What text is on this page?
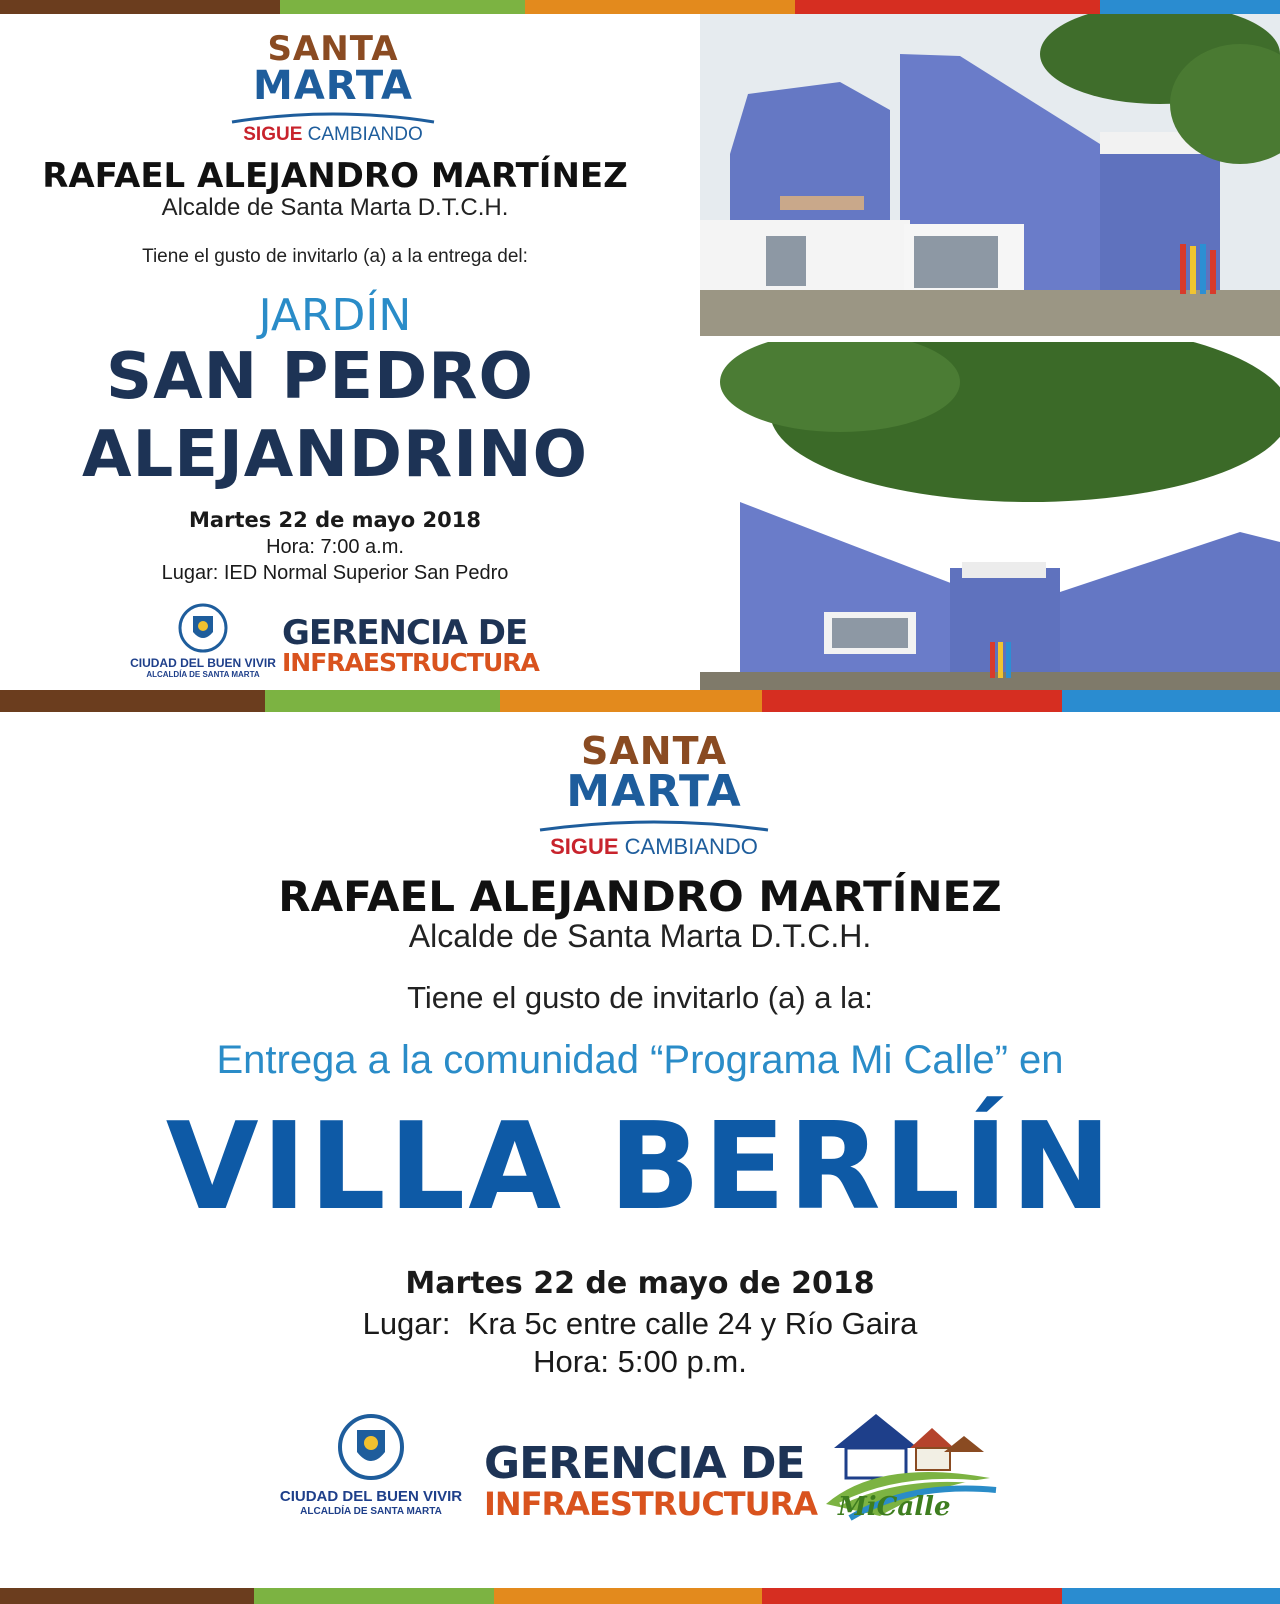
SANTA
MARTA
SIGUE CAMBIANDO
RAFAEL ALEJANDRO MARTÍNEZ
Alcalde de Santa Marta D.T.C.H.
Tiene el gusto de invitarlo (a) a la entrega del:
JARDÍN
SAN PEDRO
ALEJANDRINO
Martes 22 de mayo 2018
Hora: 7:00 a.m.
Lugar: IED Normal Superior San Pedro
CIUDAD DEL BUEN VIVIR
ALCALDÍA DE SANTA MARTA
GERENCIA DE
INFRAESTRUCTURA
SANTA
MARTA
SIGUE CAMBIANDO
RAFAEL ALEJANDRO MARTÍNEZ
Alcalde de Santa Marta D.T.C.H.
Tiene el gusto de invitarlo (a) a la:
Entrega a la comunidad “Programa Mi Calle” en
VILLA BERLÍN
Martes 22 de mayo de 2018
Lugar:  Kra 5c entre calle 24 y Río Gaira
Hora: 5:00 p.m.
CIUDAD DEL BUEN VIVIR
ALCALDÍA DE SANTA MARTA
GERENCIA DE
INFRAESTRUCTURA MiCalle
